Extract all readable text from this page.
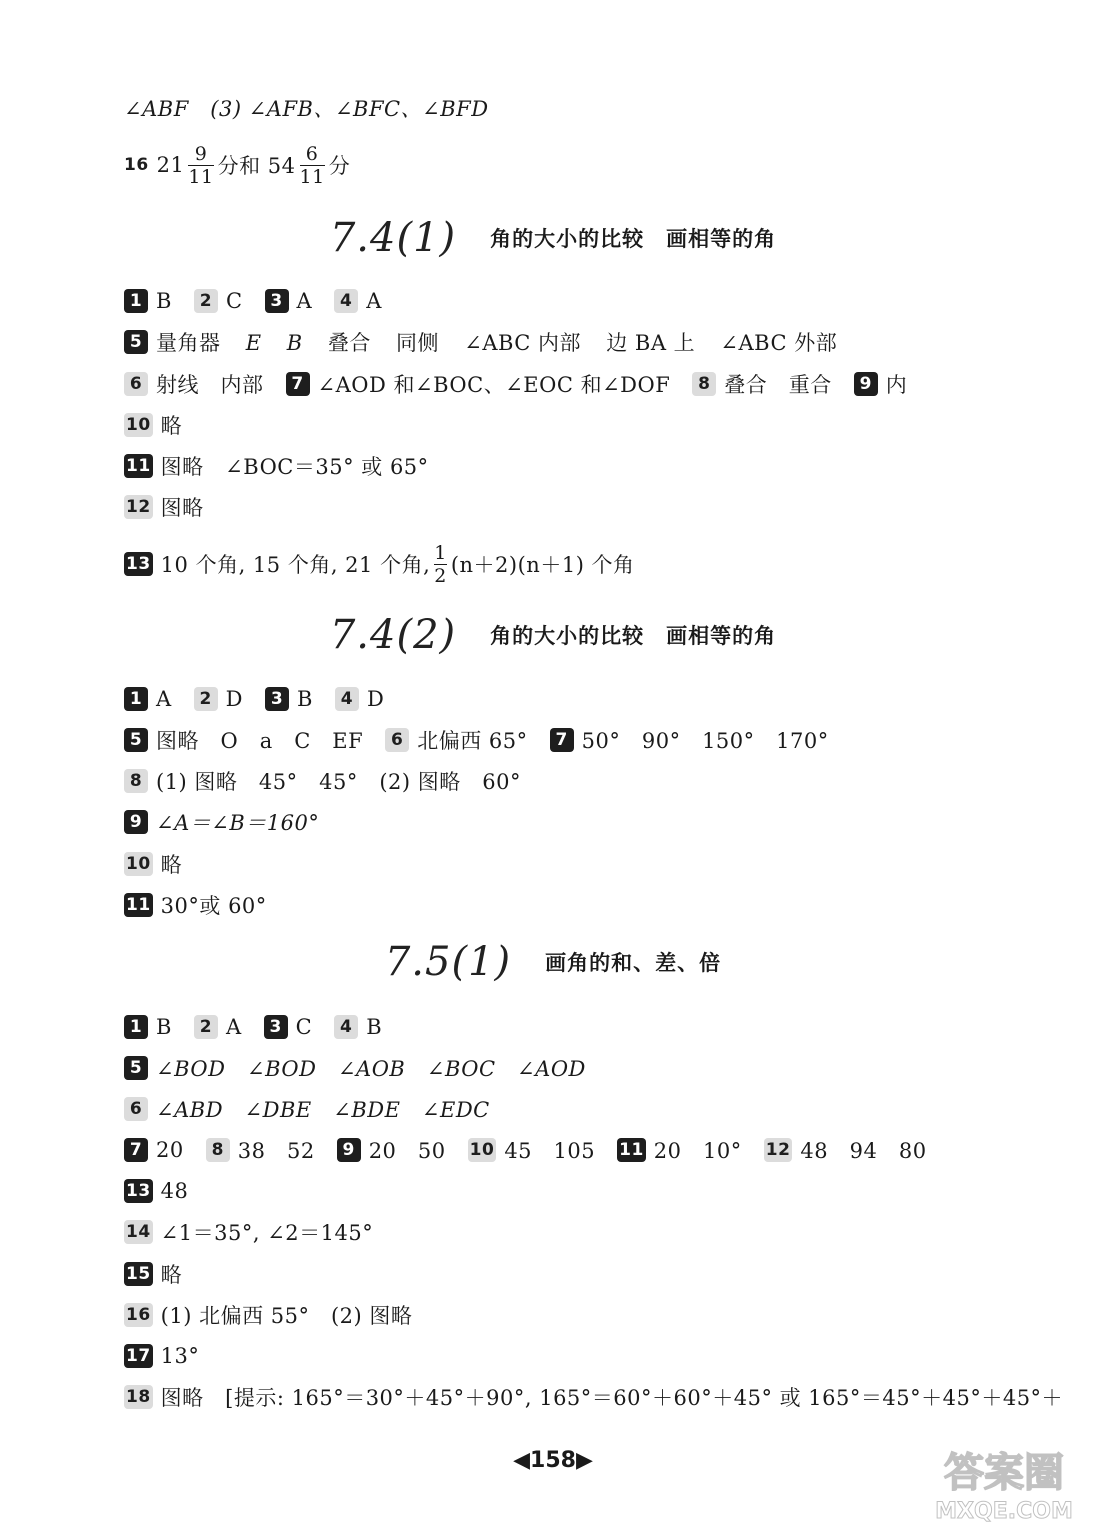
∠ABF　(3) ∠AFB、∠BFC、∠BFD
16 $21 \frac{9}{11}$ 分和 $54 \frac{6}{11}$ 分
7.4(1) 角的大小的比较　画相等的角
1 B	2 C	3 A	4 A
5 量角器 E B 叠合 同侧 ∠ABC 内部 边 BA 上 ∠ABC 外部
6 射线　内部	7 ∠AOD 和∠BOC、∠EOC 和∠DOF	8 叠合　重合	9 内
10 略
11 图略　∠BOC＝35° 或 65°
12 图略
13 10 个角, 15 个角, 21 个角, $\frac{1}{2} (n+2)(n+1)$ 个角
7.4(2) 角的大小的比较　画相等的角
1 A	2 D	3 B	4 D
5 图略　O　a　C　EF	6 北偏西 65°	7 50°　90°　150°　170°
8 (1) 图略　45°　45°　(2) 图略　60°
9 ∠A＝∠B＝160°
10 略
11 30°或 60°
7.5(1) 画角的和、差、倍
1 B	2 A	3 C	4 B
5 ∠BOD　∠BOD　∠AOB　∠BOC　∠AOD
6 ∠ABD　∠DBE　∠BDE　∠EDC
7 20	8 38　52	9 20　50 10 45　105 11 20　10° 12 48　94　80
13 48
14 ∠1＝35°, ∠2＝145°
15 略
16 (1) 北偏西 55°　(2) 图略
17 13°
18 图略　[提示: 165°＝30°＋45°＋90°, 165°＝60°＋60°＋45° 或 165°＝45°＋45°＋45°＋
◀158▶	答案圈
MXQE.COM
